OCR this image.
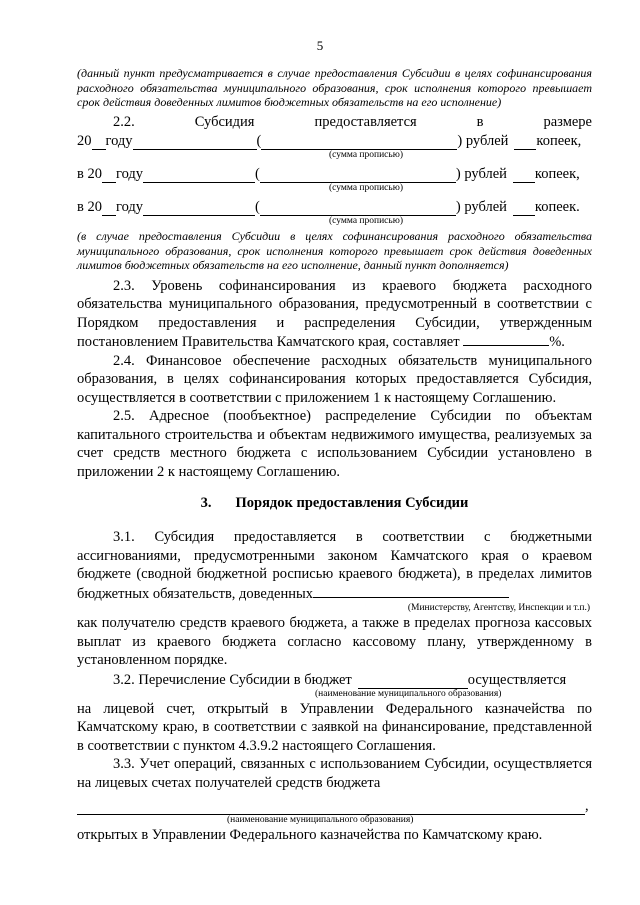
5

(данный пункт предусматривается в случае предоставления Субсидии в целях софинансирования расходного обязательства муниципального образования, срок исполнения которого превышает срок действия доведенных лимитов бюджетных обязательств на его исполнение)

2.2.	Субсидия	предоставляется	в	размере
20 году	(	) рублей копеек,
(сумма прописью)
в 20 году	(	) рублей копеек,
(сумма прописью)
в 20 году	(	) рублей копеек.
(сумма прописью)

(в случае предоставления Субсидии в целях софинансирования расходного обязательства муниципального образования, срок исполнения которого превышает срок действия доведенных лимитов бюджетных обязательств на его исполнение, данный пункт дополняется)

2.3. Уровень софинансирования из краевого бюджета расходного обязательства муниципального образования, предусмотренный в соответствии с Порядком предоставления и распределения Субсидии, утвержденным постановлением Правительства Камчатского края, составляет	%.

2.4. Финансовое обеспечение расходных обязательств муниципального образования, в целях софинансирования которых предоставляется Субсидия, осуществляется в соответствии с приложением 1 к настоящему Соглашению.

2.5. Адресное (пообъектное) распределение Субсидии по объектам капитального строительства и объектам недвижимого имущества, реализуемых за счет средств местного бюджета с использованием Субсидии установлено в приложении 2 к настоящему Соглашению.

3. Порядок предоставления Субсидии

3.1. Субсидия предоставляется в соответствии с бюджетными ассигнованиями, предусмотренными законом Камчатского края о краевом бюджете (сводной бюджетной росписью краевого бюджета), в пределах лимитов бюджетных обязательств, доведенных

(Министерству, Агентству, Инспекции и т.п.)

как получателю средств краевого бюджета, а также в пределах прогноза кассовых выплат из краевого бюджета согласно кассовому плану, утвержденному в установленном порядке.

3.2. Перечисление Субсидии в бюджет	осуществляется
(наименование муниципального образования)

на лицевой счет, открытый в Управлении Федерального казначейства по Камчатскому краю, в соответствии с заявкой на финансирование, представленной в соответствии с пунктом 4.3.9.2 настоящего Соглашения.

3.3. Учет операций, связанных с использованием Субсидии, осуществляется на лицевых счетах получателей средств бюджета

,
(наименование муниципального образования)

открытых в Управлении Федерального казначейства по Камчатскому краю.
